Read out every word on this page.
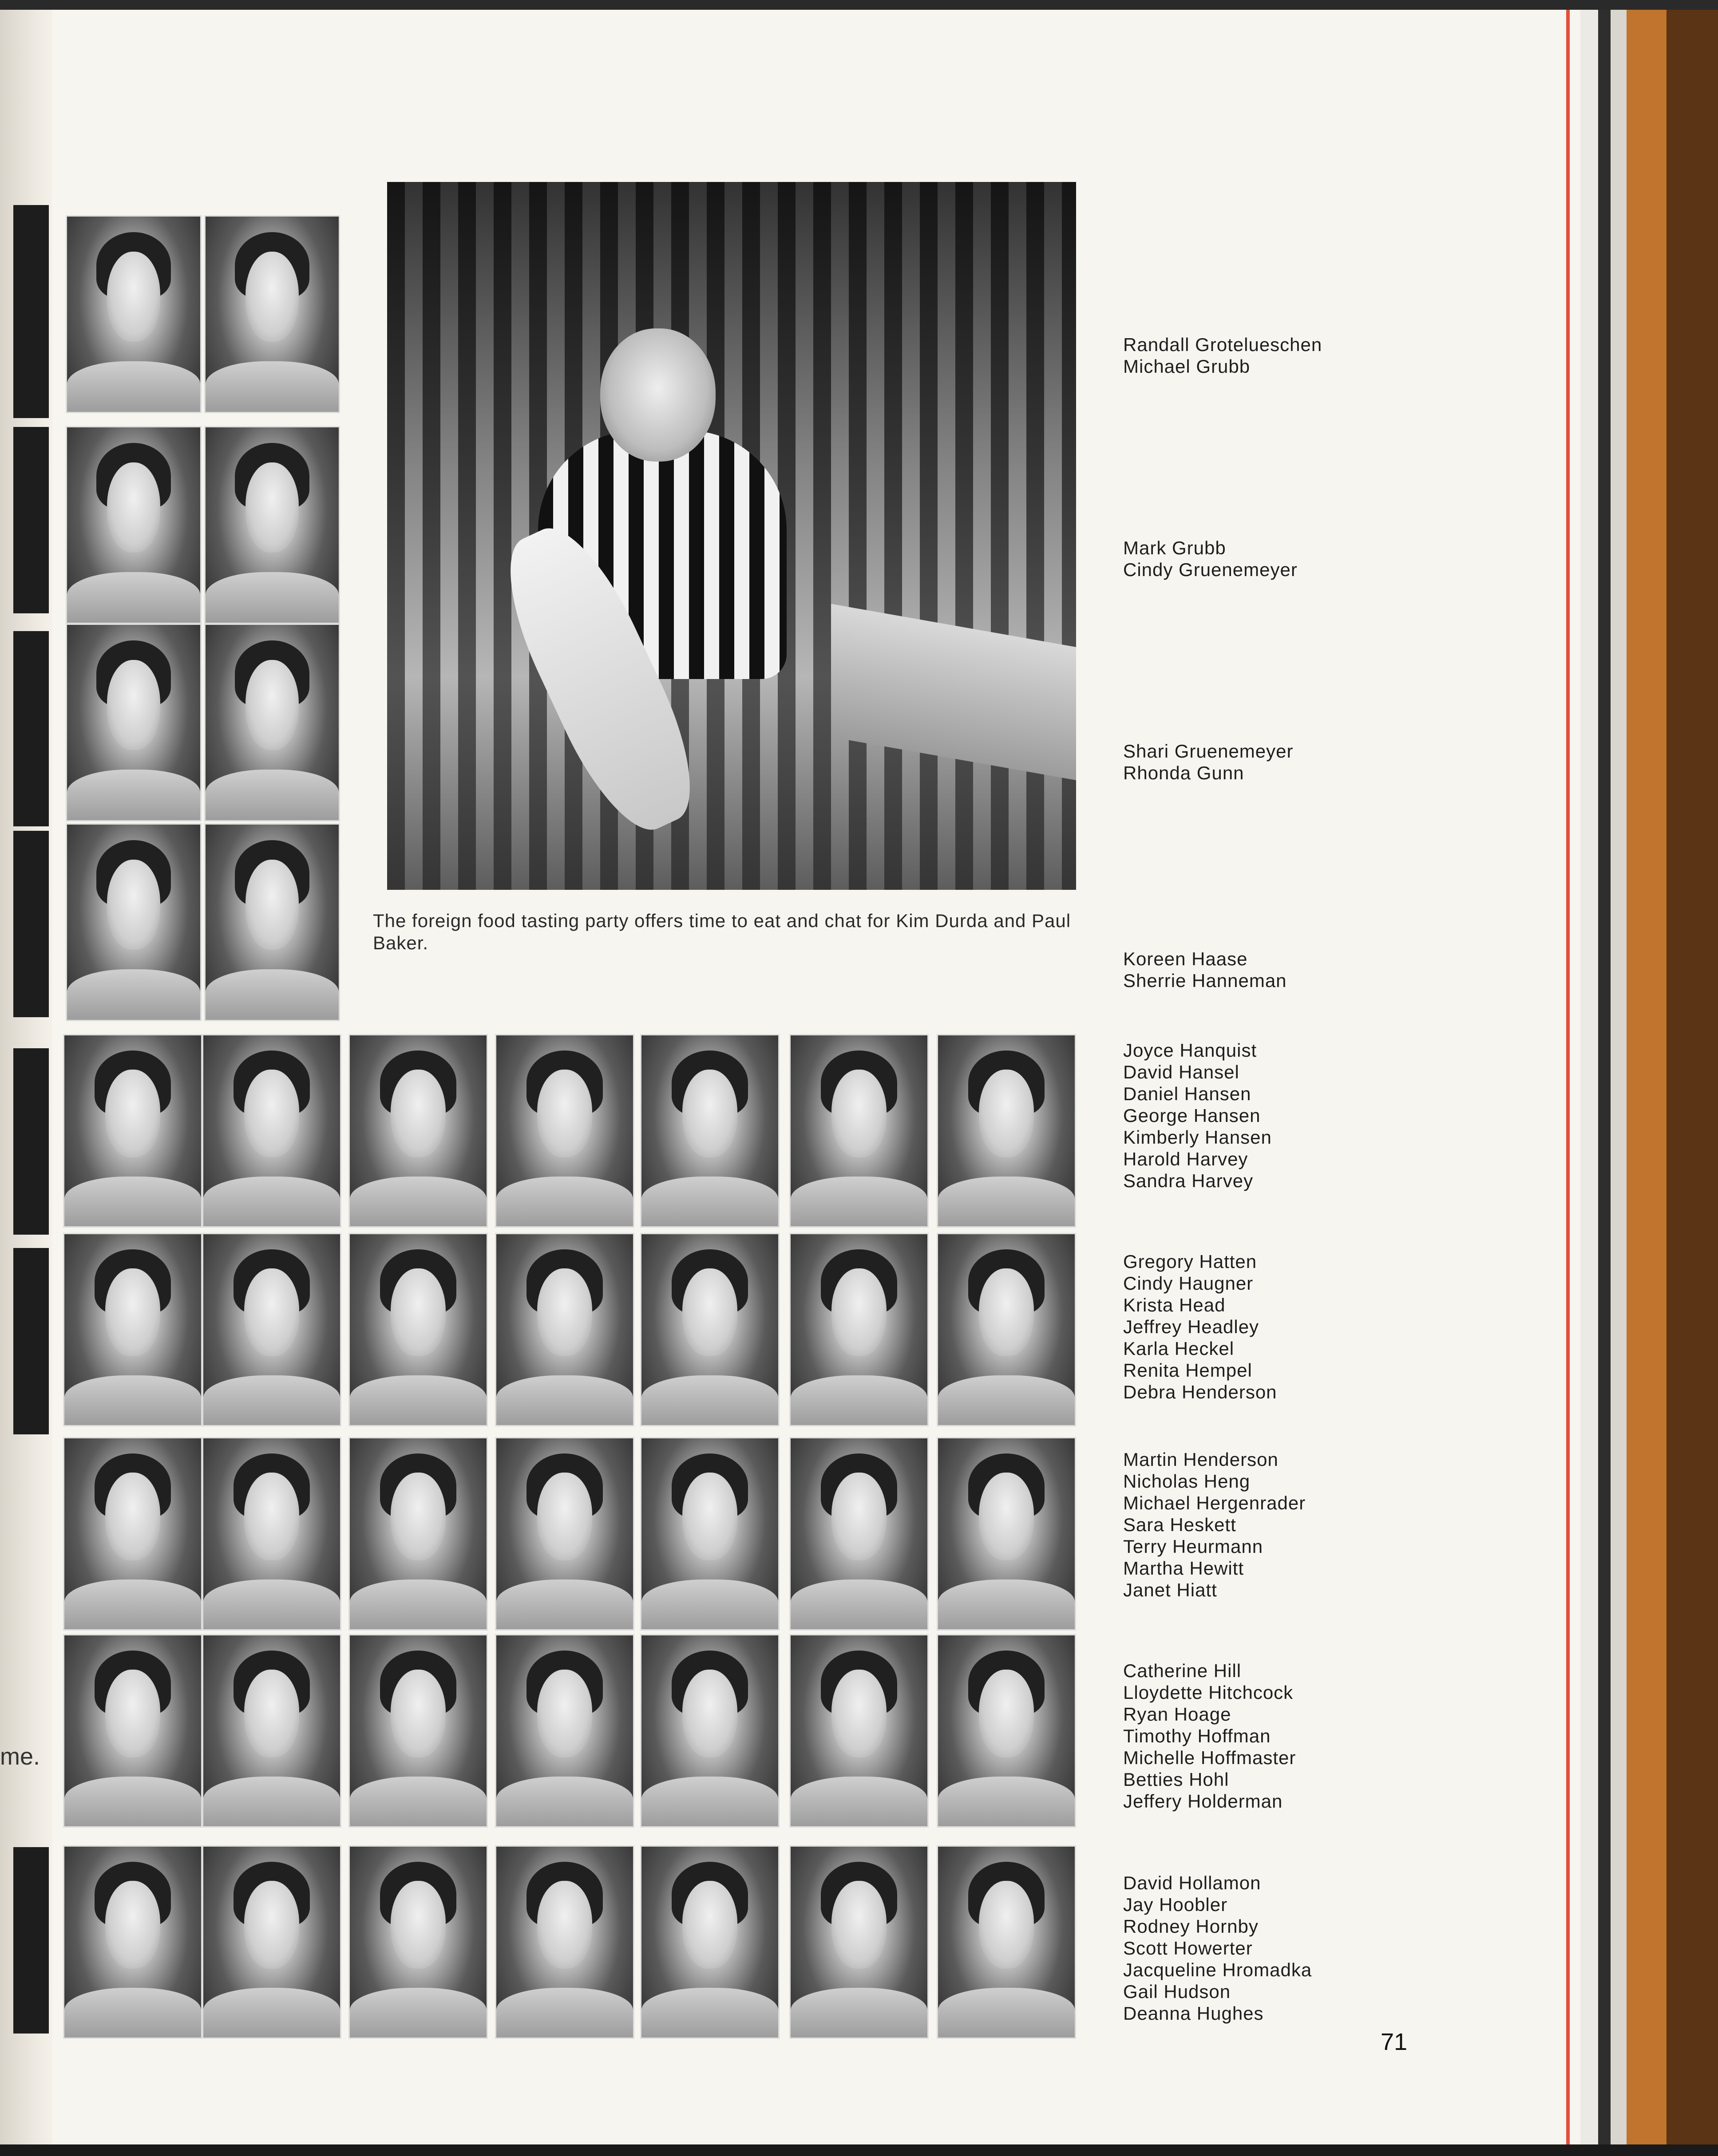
me.
The foreign food tasting party offers time to eat and chat for Kim Durda and Paul Baker.
Randall Grotelueschen
Michael Grubb
Mark Grubb
Cindy Gruenemeyer
Shari Gruenemeyer
Rhonda Gunn
Koreen Haase
Sherrie Hanneman
Joyce Hanquist
David Hansel
Daniel Hansen
George Hansen
Kimberly Hansen
Harold Harvey
Sandra Harvey
Gregory Hatten
Cindy Haugner
Krista Head
Jeffrey Headley
Karla Heckel
Renita Hempel
Debra Henderson
Martin Henderson
Nicholas Heng
Michael Hergenrader
Sara Heskett
Terry Heurmann
Martha Hewitt
Janet Hiatt
Catherine Hill
Lloydette Hitchcock
Ryan Hoage
Timothy Hoffman
Michelle Hoffmaster
Betties Hohl
Jeffery Holderman
David Hollamon
Jay Hoobler
Rodney Hornby
Scott Howerter
Jacqueline Hromadka
Gail Hudson
Deanna Hughes
71
